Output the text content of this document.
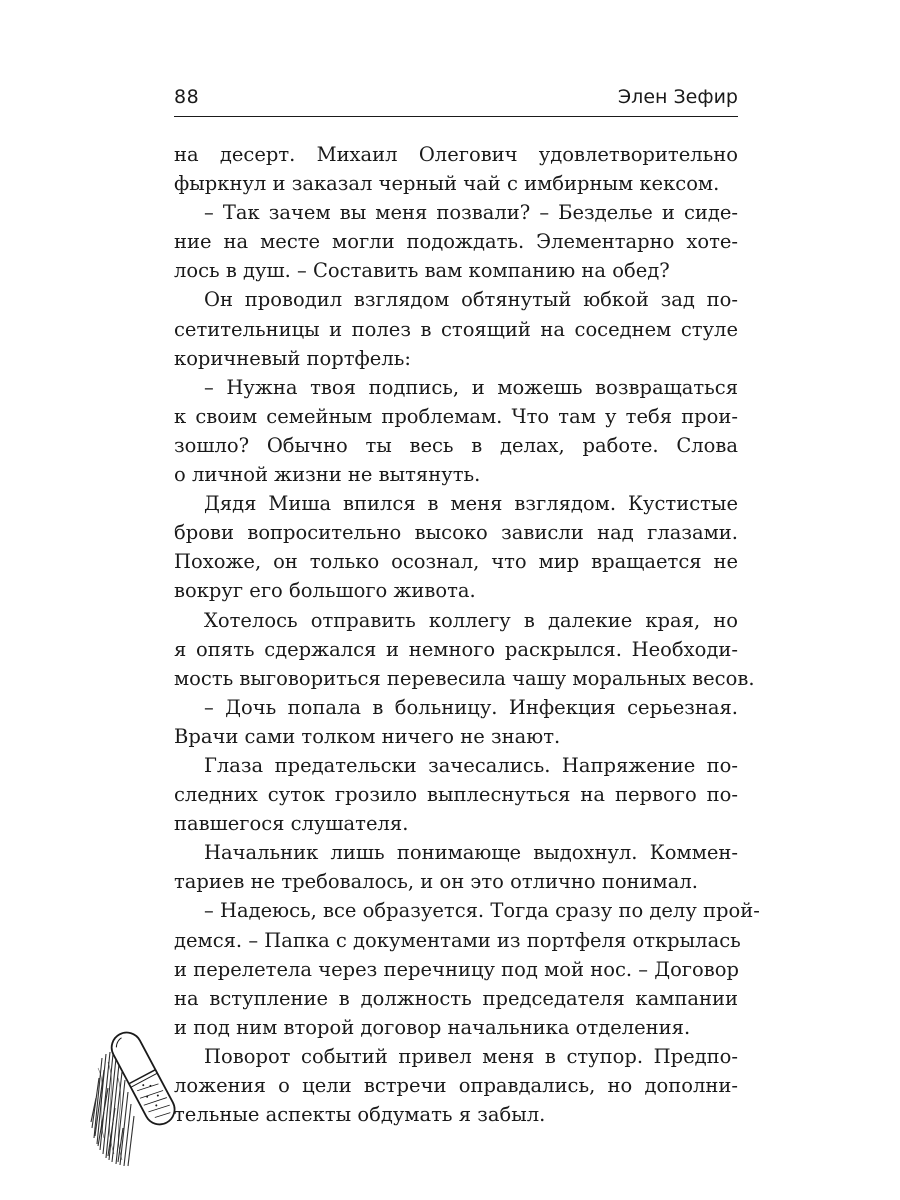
88	Элен Зефир
на десерт. Михаил Олегович удовлетворительно
фыркнул и заказал черный чай с имбирным кексом.
– Так зачем вы меня позвали? – Безделье и сиде-
ние на месте могли подождать. Элементарно хоте-
лось в душ. – Составить вам компанию на обед?
Он проводил взглядом обтянутый юбкой зад по-
сетительницы и полез в стоящий на соседнем стуле
коричневый портфель:
– Нужна твоя подпись, и можешь возвращаться
к своим семейным проблемам. Что там у тебя прои-
зошло? Обычно ты весь в делах, работе. Слова
о личной жизни не вытянуть.
Дядя Миша впился в меня взглядом. Кустистые
брови вопросительно высоко зависли над глазами.
Похоже, он только осознал, что мир вращается не
вокруг его большого живота.
Хотелось отправить коллегу в далекие края, но
я опять сдержался и немного раскрылся. Необходи-
мость выговориться перевесила чашу моральных весов.
– Дочь попала в больницу. Инфекция серьезная.
Врачи сами толком ничего не знают.
Глаза предательски зачесались. Напряжение по-
следних суток грозило выплеснуться на первого по-
павшегося слушателя.
Начальник лишь понимающе выдохнул. Коммен-
тариев не требовалось, и он это отлично понимал.
– Надеюсь, все образуется. Тогда сразу по делу прой-
демся. – Папка с документами из портфеля открылась
и перелетела через перечницу под мой нос. – Договор
на вступление в должность председателя кампании
и под ним второй договор начальника отделения.
Поворот событий привел меня в ступор. Предпо-
ложения о цели встречи оправдались, но дополни-
тельные аспекты обдумать я забыл.
